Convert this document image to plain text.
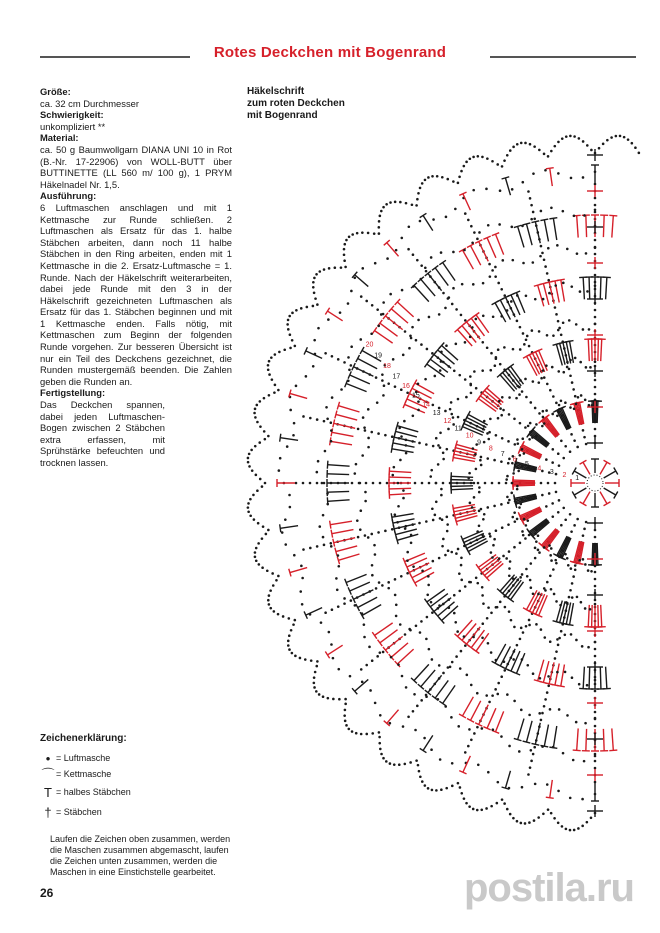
Rotes Deckchen mit Bogenrand

Größe:

ca. 32 cm Durchmesser

Schwierigkeit:

unkompliziert **

Material:

ca. 50 g Baumwollgarn DIANA UNI 10 in Rot (B.-Nr. 17-22906) von WOLL-BUTT über BUTTINETTE (LL 560 m/ 100 g), 1 PRYM Häkelnadel Nr. 1,5.

Ausführung:

6 Luftmaschen anschlagen und mit 1 Kettmasche zur Runde schließen. 2 Luftmaschen als Ersatz für das 1. halbe Stäbchen arbeiten, dann noch 11 halbe Stäbchen in den Ring arbeiten, enden mit 1 Kettmasche in die 2. Ersatz-Luftmasche = 1. Runde. Nach der Häkelschrift weiterarbeiten, dabei jede Runde mit den 3 in der Häkelschrift gezeichneten Luftmaschen als Ersatz für das 1. Stäbchen beginnen und mit 1 Kettmasche enden. Falls nötig, mit Kettmaschen zum Beginn der folgenden Runde vorgehen. Zur besseren Übersicht ist nur ein Teil des Deckchens gezeichnet, die Runden mustergemäß beenden. Die Zahlen geben die Runden an.

Fertigstellung:

Das Deckchen spannen, dabei jeden Luftmaschen-Bogen zwischen 2 Stäbchen extra erfassen, mit Sprühstärke befeuchten und trocknen lassen.

Häkelschrift
zum roten Deckchen
mit Bogenrand
1
2
3
4
5
6
7
8
9
10
11
12
13
14
15
16
17
18
19
20
Zeichenerklärung:
• = Luftmasche
⌒ = Kettmasche
T = halbes Stäbchen
† = Stäbchen
Laufen die Zeichen oben zusammen, werden die Maschen zusammen abgemascht, laufen die Zeichen unten zusammen, werden die Maschen in eine Einstichstelle gearbeitet.
26	postila.ru
